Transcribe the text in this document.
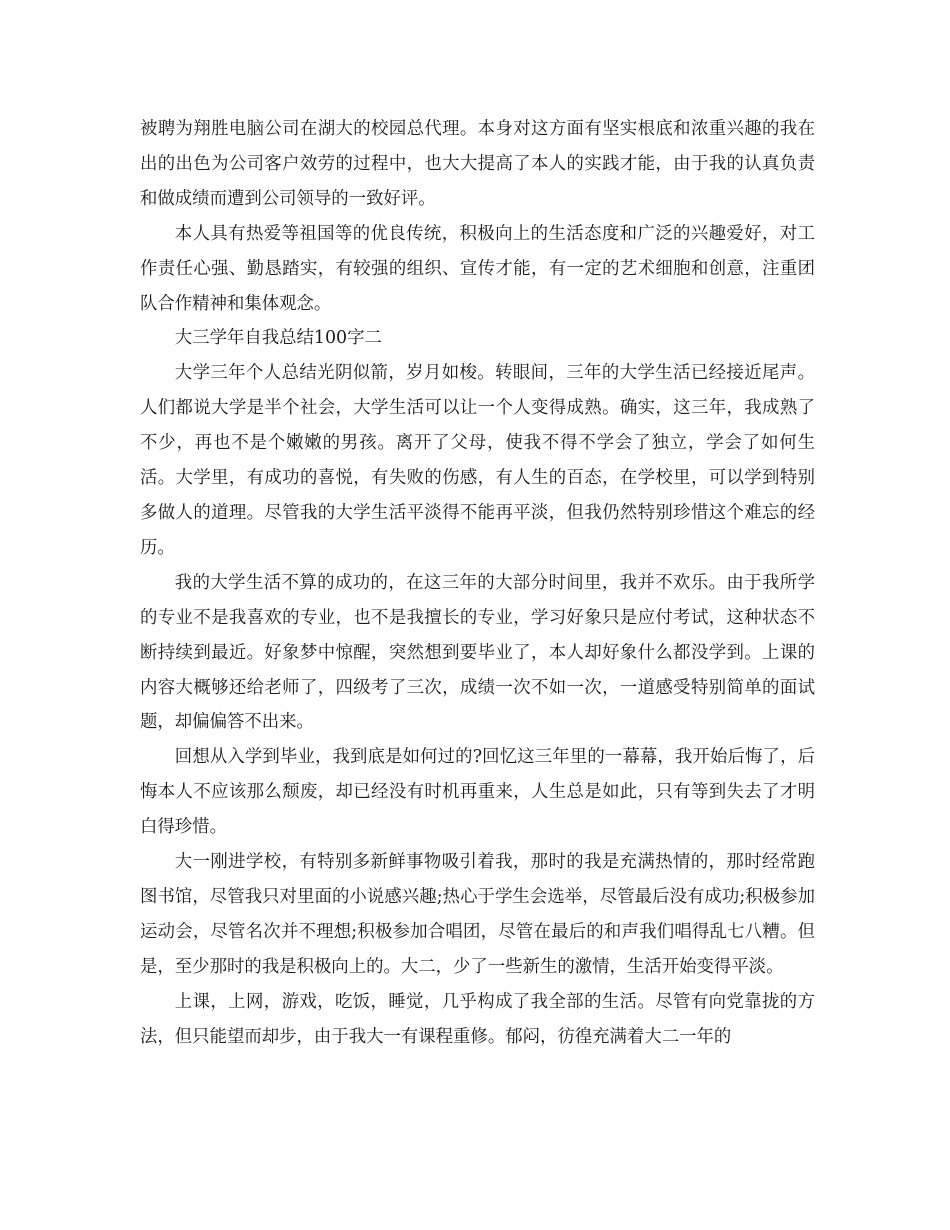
被聘为翔胜电脑公司在湖大的校园总代理。本身对这方面有坚实根底和浓重兴趣的我在出的出色为公司客户效劳的过程中，也大大提高了本人的实践才能，由于我的认真负责和做成绩而遭到公司领导的一致好评。

本人具有热爱等祖国等的优良传统，积极向上的生活态度和广泛的兴趣爱好，对工作责任心强、勤恳踏实，有较强的组织、宣传才能，有一定的艺术细胞和创意，注重团队合作精神和集体观念。

大三学年自我总结100字二

大学三年个人总结光阴似箭，岁月如梭。转眼间，三年的大学生活已经接近尾声。人们都说大学是半个社会，大学生活可以让一个人变得成熟。确实，这三年，我成熟了不少，再也不是个嫩嫩的男孩。离开了父母，使我不得不学会了独立，学会了如何生活。大学里，有成功的喜悦，有失败的伤感，有人生的百态，在学校里，可以学到特别多做人的道理。尽管我的大学生活平淡得不能再平淡，但我仍然特别珍惜这个难忘的经历。

我的大学生活不算的成功的，在这三年的大部分时间里，我并不欢乐。由于我所学的专业不是我喜欢的专业，也不是我擅长的专业，学习好象只是应付考试，这种状态不断持续到最近。好象梦中惊醒，突然想到要毕业了，本人却好象什么都没学到。上课的内容大概够还给老师了，四级考了三次，成绩一次不如一次，一道感受特别简单的面试题，却偏偏答不出来。

回想从入学到毕业，我到底是如何过的?回忆这三年里的一幕幕，我开始后悔了，后悔本人不应该那么颓废，却已经没有时机再重来，人生总是如此，只有等到失去了才明白得珍惜。

大一刚进学校，有特别多新鲜事物吸引着我，那时的我是充满热情的，那时经常跑图书馆，尽管我只对里面的小说感兴趣;热心于学生会选举，尽管最后没有成功;积极参加运动会，尽管名次并不理想;积极参加合唱团，尽管在最后的和声我们唱得乱七八糟。但是，至少那时的我是积极向上的。大二，少了一些新生的激情，生活开始变得平淡。

上课，上网，游戏，吃饭，睡觉，几乎构成了我全部的生活。尽管有向党靠拢的方法，但只能望而却步，由于我大一有课程重修。郁闷，彷徨充满着大二一年的
